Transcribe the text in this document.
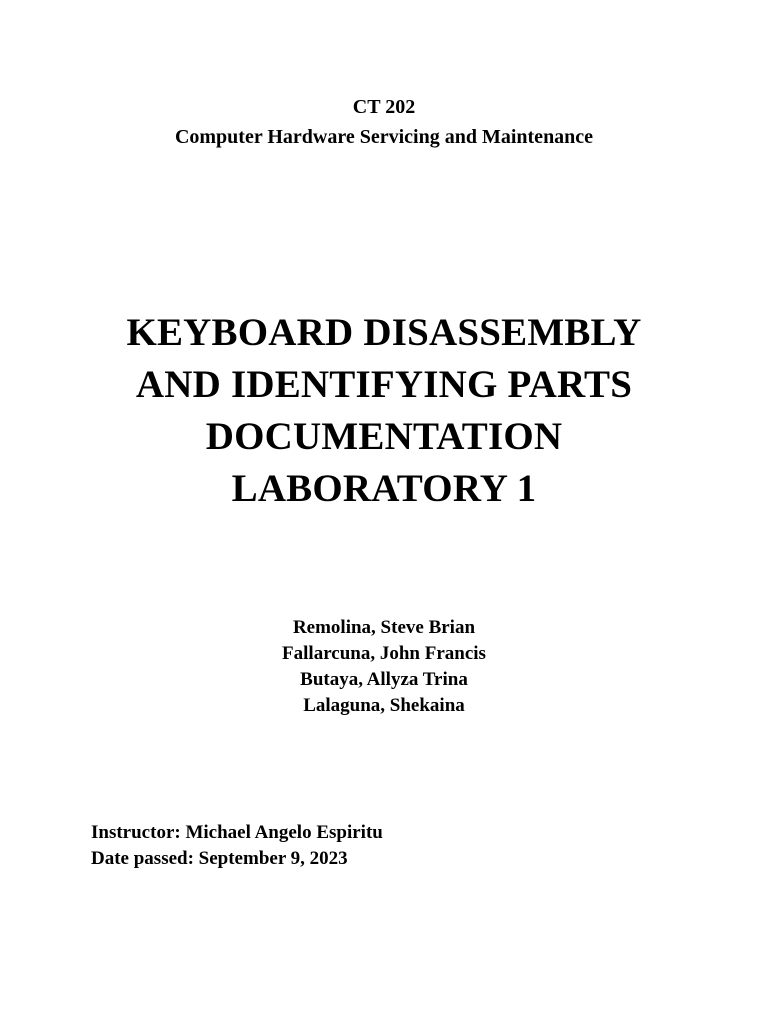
CT 202
Computer Hardware Servicing and Maintenance
KEYBOARD DISASSEMBLY
AND IDENTIFYING PARTS
DOCUMENTATION
LABORATORY 1
Remolina, Steve Brian
Fallarcuna, John Francis
Butaya, Allyza Trina
Lalaguna, Shekaina
Instructor: Michael Angelo Espiritu
Date passed: September 9, 2023
